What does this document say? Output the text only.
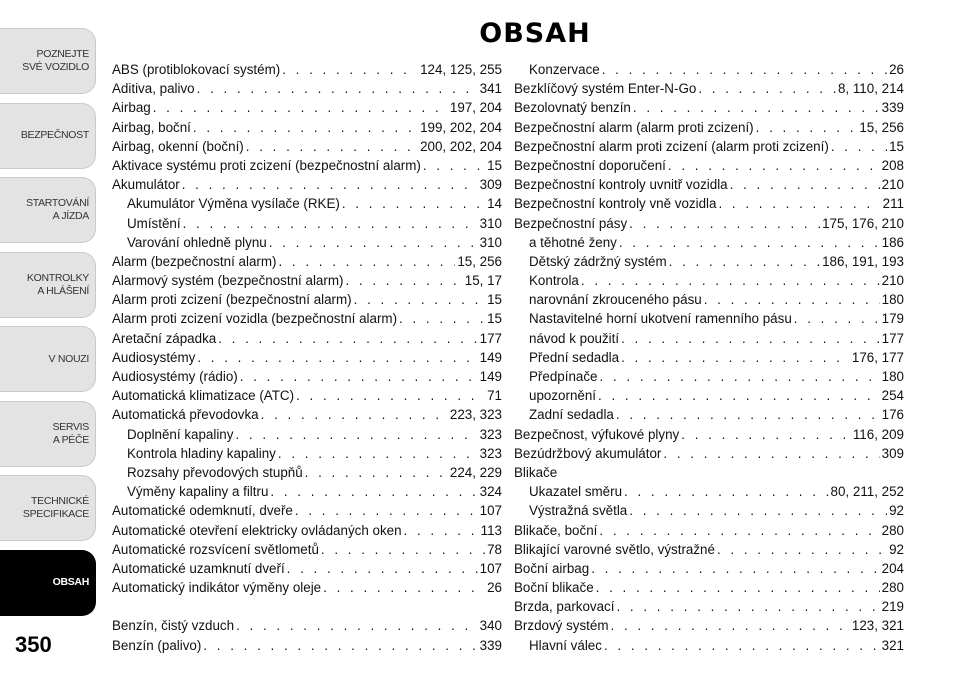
POZNEJTE
SVÉ VOZIDLO
BEZPEČNOST
STARTOVÁNÍ
A JÍZDA
KONTROLKY
A HLÁŠENÍ
V NOUZI
SERVIS
A PÉČE
TECHNICKÉ
SPECIFIKACE
OBSAH
OBSAH
ABS (protiblokovací systém) . . .	124, 125, 255
Aditiva, palivo . . .	341
Airbag . . .	197, 204
Airbag, boční . . .	199, 202, 204
Airbag, okenní (boční) . . .	200, 202, 204
Aktivace systému proti zcizení (bezpečnostní alarm) . . .	15
Akumulátor . . .	309
Akumulátor Výměna vysílače (RKE) . . .	14
Umístění . . .	310
Varování ohledně plynu . . .	310
Alarm (bezpečnostní alarm) . . .	15, 256
Alarmový systém (bezpečnostní alarm) . . .	15, 17
Alarm proti zcizení (bezpečnostní alarm) . . .	15
Alarm proti zcizení vozidla (bezpečnostní alarm) . . .	15
Aretační západka . . .	177
Audiosystémy . . .	149
Audiosystémy (rádio) . . .	149
Automatická klimatizace (ATC) . . .	71
Automatická převodovka . . .	223, 323
Doplnění kapaliny . . .	323
Kontrola hladiny kapaliny . . .	323
Rozsahy převodových stupňů . . .	224, 229
Výměny kapaliny a filtru . . .	324
Automatické odemknutí, dveře . . .	107
Automatické otevření elektricky ovládaných oken . . .	113
Automatické rozsvícení světlometů . . .	78
Automatické uzamknutí dveří . . .	107
Automatický indikátor výměny oleje . . .	26
Benzín, čistý vzduch . . .	340
Benzín (palivo) . . .	339
Konzervace . . .	26
Bezklíčový systém Enter-N-Go . . .	8, 110, 214
Bezolovnatý benzín . . .	339
Bezpečnostní alarm (alarm proti zcizení) . . .	15, 256
Bezpečnostní alarm proti zcizení (alarm proti zcizení) . . .	15
Bezpečnostní doporučení . . .	208
Bezpečnostní kontroly uvnitř vozidla . . .	210
Bezpečnostní kontroly vně vozidla . . .	211
Bezpečnostní pásy . . .	175, 176, 210
a těhotné ženy . . .	186
Dětský zádržný systém . . .	186, 191, 193
Kontrola . . .	210
narovnání zkrouceného pásu . . .	180
Nastavitelné horní ukotvení ramenního pásu . . .	179
návod k použití . . .	177
Přední sedadla . . .	176, 177
Předpínače . . .	180
upozornění . . .	254
Zadní sedadla . . .	176
Bezpečnost, výfukové plyny . . .	116, 209
Bezúdržbový akumulátor . . .	309
Blikače
Ukazatel směru . . .	80, 211, 252
Výstražná světla . . .	92
Blikače, boční . . .	280
Blikající varovné světlo, výstražné . . .	92
Boční airbag . . .	204
Boční blikače . . .	280
Brzda, parkovací . . .	219
Brzdový systém . . .	123, 321
Hlavní válec . . .	321
350
